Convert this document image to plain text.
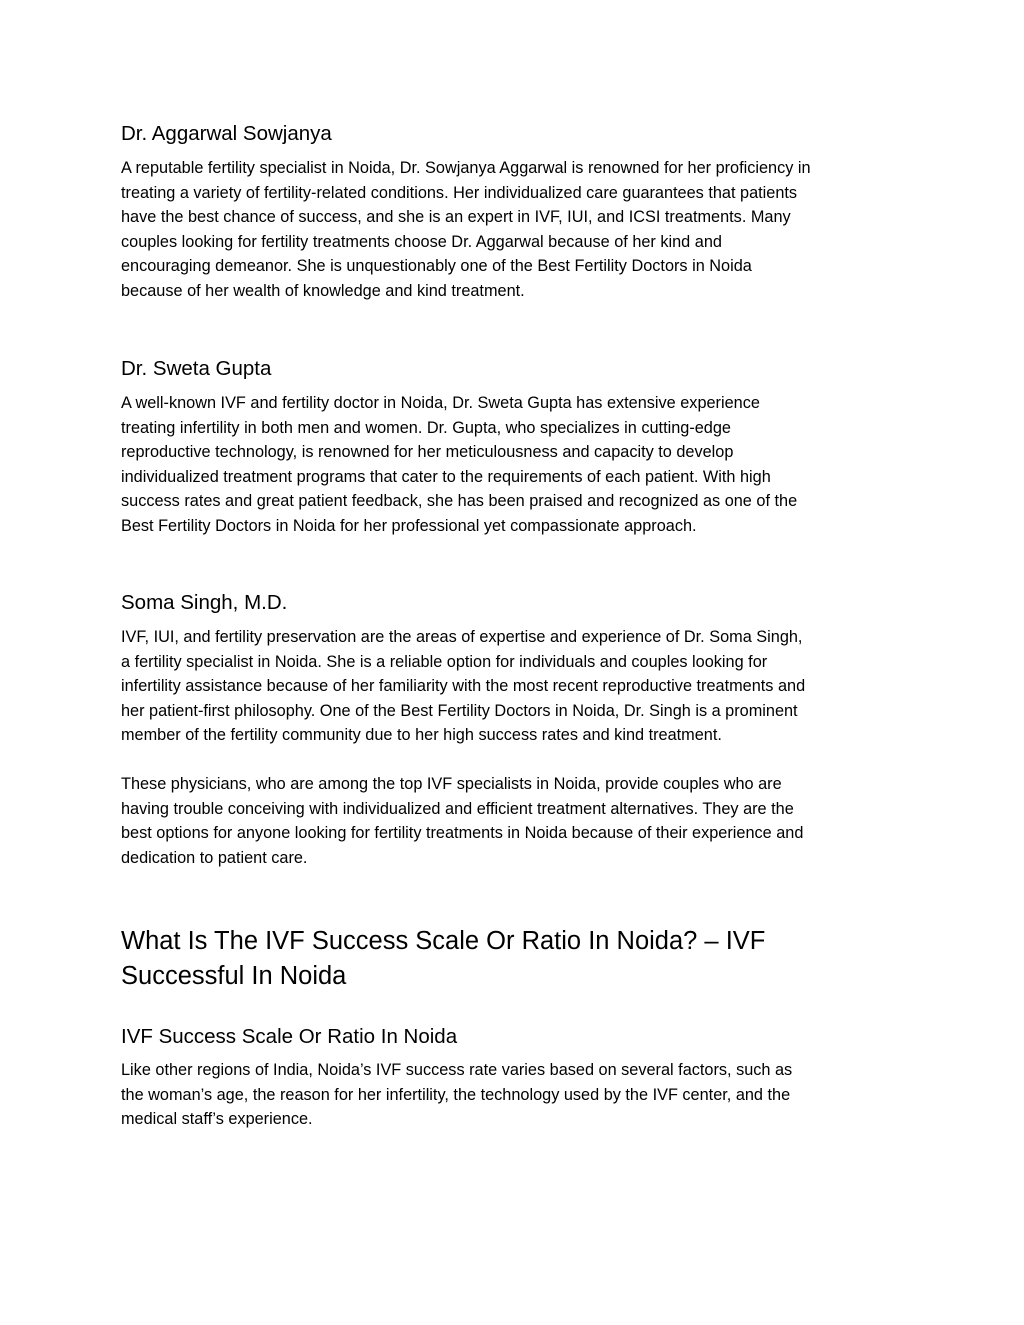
Dr. Aggarwal Sowjanya

A reputable fertility specialist in Noida, Dr. Sowjanya Aggarwal is renowned for her proficiency in
treating a variety of fertility-related conditions. Her individualized care guarantees that patients
have the best chance of success, and she is an expert in IVF, IUI, and ICSI treatments. Many
couples looking for fertility treatments choose Dr. Aggarwal because of her kind and
encouraging demeanor. She is unquestionably one of the Best Fertility Doctors in Noida
because of her wealth of knowledge and kind treatment.

Dr. Sweta Gupta

A well-known IVF and fertility doctor in Noida, Dr. Sweta Gupta has extensive experience
treating infertility in both men and women. Dr. Gupta, who specializes in cutting-edge
reproductive technology, is renowned for her meticulousness and capacity to develop
individualized treatment programs that cater to the requirements of each patient. With high
success rates and great patient feedback, she has been praised and recognized as one of the
Best Fertility Doctors in Noida for her professional yet compassionate approach.

Soma Singh, M.D.

IVF, IUI, and fertility preservation are the areas of expertise and experience of Dr. Soma Singh,
a fertility specialist in Noida. She is a reliable option for individuals and couples looking for
infertility assistance because of her familiarity with the most recent reproductive treatments and
her patient-first philosophy. One of the Best Fertility Doctors in Noida, Dr. Singh is a prominent
member of the fertility community due to her high success rates and kind treatment.

These physicians, who are among the top IVF specialists in Noida, provide couples who are
having trouble conceiving with individualized and efficient treatment alternatives. They are the
best options for anyone looking for fertility treatments in Noida because of their experience and
dedication to patient care.

What Is The IVF Success Scale Or Ratio In Noida? – IVF
Successful In Noida
IVF Success Scale Or Ratio In Noida

Like other regions of India, Noida’s IVF success rate varies based on several factors, such as
the woman’s age, the reason for her infertility, the technology used by the IVF center, and the
medical staff’s experience.
